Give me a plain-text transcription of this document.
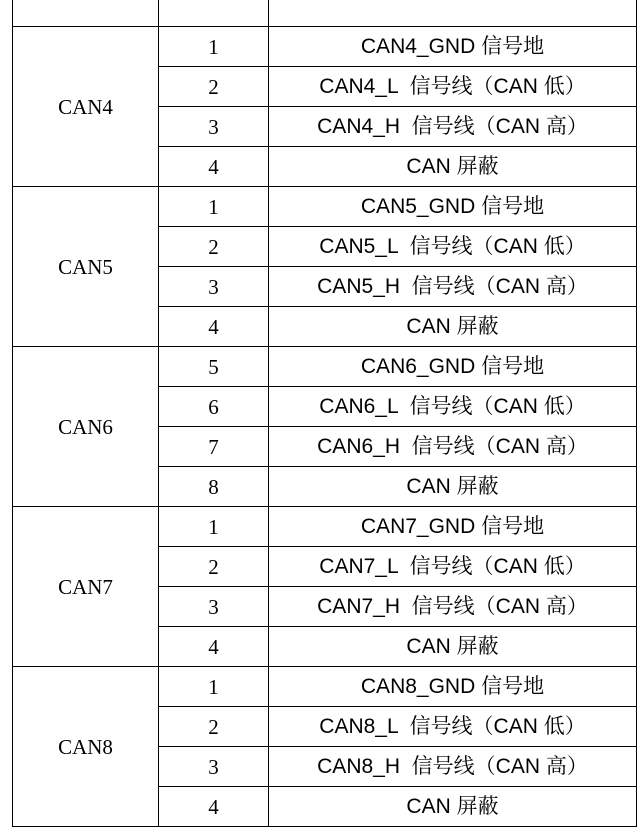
CAN4	1	CAN4_GND 信号地
	2	CAN4_L  信号线（CAN 低）
	3	CAN4_H  信号线（CAN 高）
	4	CAN 屏蔽
CAN5	1	CAN5_GND 信号地
	2	CAN5_L  信号线（CAN 低）
	3	CAN5_H  信号线（CAN 高）
	4	CAN 屏蔽
CAN6	5	CAN6_GND 信号地
	6	CAN6_L  信号线（CAN 低）
	7	CAN6_H  信号线（CAN 高）
	8	CAN 屏蔽
CAN7	1	CAN7_GND 信号地
	2	CAN7_L  信号线（CAN 低）
	3	CAN7_H  信号线（CAN 高）
	4	CAN 屏蔽
CAN8	1	CAN8_GND 信号地
	2	CAN8_L  信号线（CAN 低）
	3	CAN8_H  信号线（CAN 高）
	4	CAN 屏蔽
